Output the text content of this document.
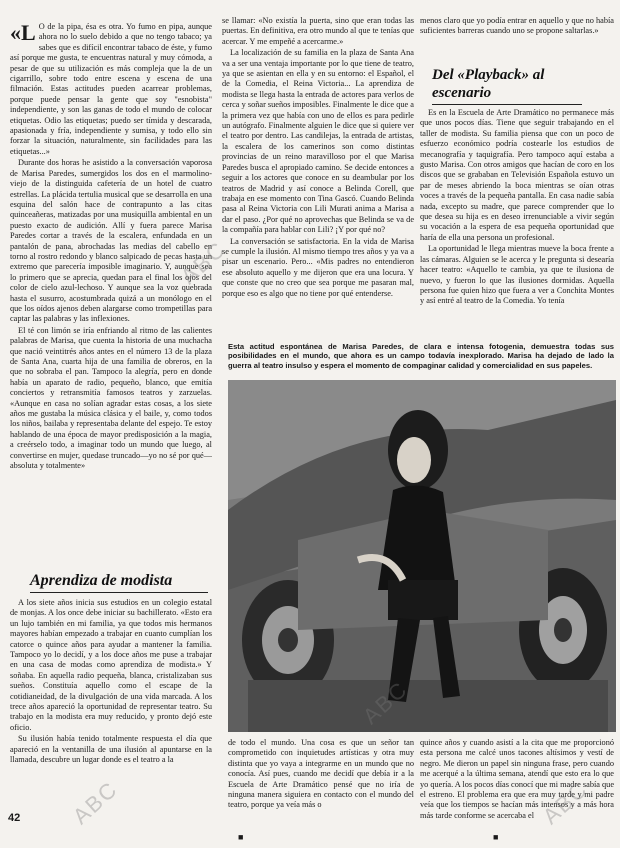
«L O de la pipa, ésa es otra. Yo fumo en pipa, aunque ahora no lo suelo debido a que no tengo tabaco; ya sabes que es difícil encontrar tabaco de éste, y fumo así porque me gusta, te encuentras natural y muy cómoda, a pesar de que su utilización es más compleja que la de un cigarrillo, sobre todo entre escena y escena de una filmación. Estas actitudes pueden acarrear problemas, porque puede pensar la gente que soy "esnobista" independiente, y son las ganas de todo el mundo de colocar etiquetas. Odio las etiquetas; puedo ser tímida y descarada, apasionada y fría, independiente y sumisa, y todo ello sin forzar la situación, naturalmente, sin facilidades para las etiquetas...»

Durante dos horas he asistido a la conversación vaporosa de Marisa Paredes, sumergidos los dos en el marmolino-viejo de la distinguida cafetería de un hotel de cuatro estrellas. La plácida tertulia musical que se desarrolla en una esquina del salón hace de contrapunto a las citas quinceañeras, matizadas por una musiquilla ambiental en un puesto exacto de audición. Allí y fuera parece Marisa Paredes cortar a través de la escalera, enfundada en un pantalón de pana, abrochadas las medias del cabello en torno al rostro redondo y blanco salpicado de pecas hasta un extremo que parecería imposible imaginario. Y, aunque sea lo primero que se aprecia, quedan para el final los ojos del color de cielo azul-lechoso. Y aunque sea la voz quebrada hasta el susurro, acostumbrada quizá a un monólogo en el que los oídos ajenos deben alargarse como trompetillas para captar las palabras y las inflexiones.

El té con limón se iría enfriando al ritmo de las calientes palabras de Marisa, que cuenta la historia de una muchacha que nació veintitrés años antes en el número 13 de la plaza de Santa Ana, cuarta hija de una familia de obreros, en la que no sobraba el pan. Tampoco la alegría, pero en donde había un aparato de radio, pequeño, blanco, que emitía conciertos y retransmitía famosos teatros y zarzuelas. «Aunque en casa no solían agradar estas cosas, a los siete años me gustaba la música clásica y el baile, y, como todos los niños, bailaba y representaba delante del espejo. Te estoy hablando de una época de mayor predisposición a la magia, a creérselo todo, a imaginar todo un mundo que luego, al convertirse en mujer, quedase truncado—yo no sé por qué—absoluta y totalmente»

Aprendiza de modista

A los siete años inicia sus estudios en un colegio estatal de monjas. A los once debe iniciar su bachillerato. «Esto era un lujo también en mi familia, ya que todos mis hermanos mayores habían empezado a trabajar en cuanto cumplían los catorce o quince años para ayudar a mantener la familia. Tampoco yo lo decidí, y a los doce años me puse a trabajar en una casa de modas como aprendiza de modista.» Y soñaba. En aquella radio pequeña, blanca, cristalizaban sus sueños. Constituía aquello como el escape de la cotidianeidad, de la divulgación de una vida marcada. A los trece años apareció la oportunidad de representar teatro. Su trabajo en la modista era muy reducido, y pronto dejó este oficio.

Su ilusión había tenido totalmente respuesta el día que apareció en la ventanilla de una ilusión al apuntarse en la llamada, descubre un lugar donde es el teatro a la

se llamar: «No existía la puerta, sino que eran todas las puertas. En definitiva, era otro mundo al que te tenías que acercar. Y me empeñé a acercarme.»

La localización de su familia en la plaza de Santa Ana va a ser una ventaja importante por lo que tiene de teatro, ya que se asientan en ella y en su entorno: el Español, el de la Comedia, el Reina Victoria... La aprendiza de modista se llega hasta la entrada de actores para verlos de cerca y soñar sueños imposibles. Finalmente le dice que a la primera vez que había con uno de ellos es para pedirle un autógrafo. Finalmente alguien le dice que si quiere ver el teatro por dentro. Las candilejas, la entrada de artistas, la escalera de los camerinos son como distintas provincias de un reino maravilloso por el que Marisa Paredes busca el apropiado camino. Se decide entonces a seguir a los actores que conoce en su deambular por los teatros de Madrid y así conoce a Belinda Corell, que trabaja en ese momento con Tina Gascó. Cuando Belinda pasa al Reina Victoria con Lili Murati anima a Marisa a dar el paso. ¿Por qué no aprovechas que Belinda se va de la compañía para hablar con Lili? ¡Y por qué no?

La conversación se satisfactoria. En la vida de Marisa se cumple la ilusión. Al mismo tiempo tres años y ya va a pisar un escenario. Pero... «Mis padres no entendieron ese absoluto aquello y me dijeron que era una locura. Y que conste que no creo que sea porque me pasaran mal, porque eso es algo que no tiene por qué entenderse.

menos claro que yo podía entrar en aquello y que no había suficientes barreras cuando uno se propone saltarlas.»

Del «Playback» al escenario

Es en la Escuela de Arte Dramático no permanece más que unos pocos días. Tiene que seguir trabajando en el taller de modista. Su familia piensa que con un poco de esfuerzo económico podría costearle los estudios de mecanografía y taquigrafía. Pero tampoco aquí estaba a gusto Marisa. Con otros amigos que hacían de coro en los discos que se grababan en Televisión Española estuvo un par de meses abriendo la boca mientras se oían otras voces a través de la pequeña pantalla. En casa nadie sabía nada, excepto su madre, que parece comprender que lo que desea su hija es en deseo irrenunciable a vivir según su vocación a la espera de esa pequeña oportunidad que haría de ella una persona un profesional.

La oportunidad le llega mientras mueve la boca frente a las cámaras. Alguien se le acerca y le pregunta si desearía hacer teatro: «Aquello te cambia, ya que te ilusiona de nuevo, y fueron lo que las ilusiones dormidas. Aquella persona fue quien hizo que fuera a ver a Conchita Montes y así entré al teatro de la Comedia. Yo tenía

Esta actitud espontánea de Marisa Paredes, de clara e intensa fotogenia, demuestra todas sus posibilidades en el mundo, que ahora es un campo todavía inexplorado. Marisa ha dejado de lado la guerra al teatro insulso y espera el momento de compaginar calidad y comercialidad en sus papeles.

de todo el mundo. Una cosa es que un señor tan comprometido con inquietudes artísticas y otra muy distinta que yo vaya a integrarme en un mundo que no conocía. Así pues, cuando me decidí que debía ir a la Escuela de Arte Dramático pensé que no iría de ninguna manera siguiera en contacto con el mundo del teatro, porque ya veía más o

quince años y cuando asistí a la cita que me proporcionó esta persona me calcé unos tacones altísimos y vestí de negro. Me dieron un papel sin ninguna frase, pero cuando me acerqué a la última semana, atendí que esto era lo que yo quería. A los pocos días conocí que mi madre sabía que el estreno. El problema era que era muy tarde y mi padre veía que los tiempos se hacían más intensos y a más hora más tarde conforme se acercaba el

ABC
ABC
ABC
ABC
42
■	■
